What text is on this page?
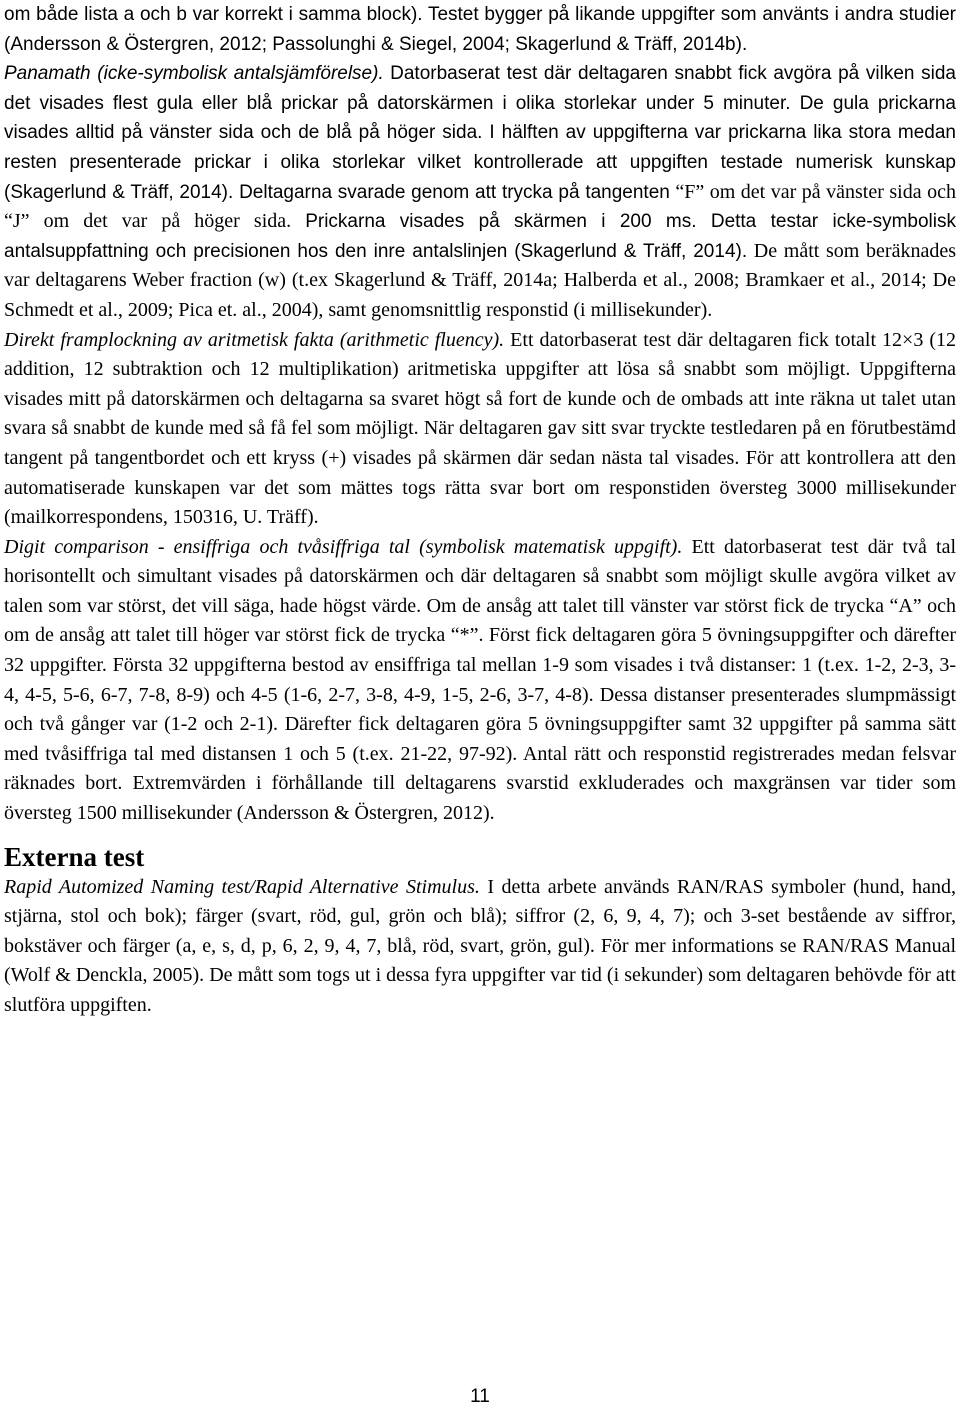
om både lista a och b var korrekt i samma block). Testet bygger på likande uppgifter som använts i andra studier (Andersson & Östergren, 2012; Passolunghi & Siegel, 2004; Skagerlund & Träff, 2014b).

Panamath (icke-symbolisk antalsjämförelse). Datorbaserat test där deltagaren snabbt fick avgöra på vilken sida det visades flest gula eller blå prickar på datorskärmen i olika storlekar under 5 minuter. De gula prickarna visades alltid på vänster sida och de blå på höger sida. I hälften av uppgifterna var prickarna lika stora medan resten presenterade prickar i olika storlekar vilket kontrollerade att uppgiften testade numerisk kunskap (Skagerlund & Träff, 2014). Deltagarna svarade genom att trycka på tangenten “F” om det var på vänster sida och “J” om det var på höger sida. Prickarna visades på skärmen i 200 ms. Detta testar icke-symbolisk antalsuppfattning och precisionen hos den inre antalslinjen (Skagerlund & Träff, 2014). De mått som beräknades var deltagarens Weber fraction (w) (t.ex Skagerlund & Träff, 2014a; Halberda et al., 2008; Bramkaer et al., 2014; De Schmedt et al., 2009; Pica et. al., 2004), samt genomsnittlig responstid (i millisekunder).

Direkt framplockning av aritmetisk fakta (arithmetic fluency). Ett datorbaserat test där deltagaren fick totalt 12×3 (12 addition, 12 subtraktion och 12 multiplikation) aritmetiska uppgifter att lösa så snabbt som möjligt. Uppgifterna visades mitt på datorskärmen och deltagarna sa svaret högt så fort de kunde och de ombads att inte räkna ut talet utan svara så snabbt de kunde med så få fel som möjligt. När deltagaren gav sitt svar tryckte testledaren på en förutbestämd tangent på tangentbordet och ett kryss (+) visades på skärmen där sedan nästa tal visades. För att kontrollera att den automatiserade kunskapen var det som mättes togs rätta svar bort om responstiden översteg 3000 millisekunder (mailkorrespondens, 150316, U. Träff).

Digit comparison - ensiffriga och tvåsiffriga tal (symbolisk matematisk uppgift). Ett datorbaserat test där två tal horisontellt och simultant visades på datorskärmen och där deltagaren så snabbt som möjligt skulle avgöra vilket av talen som var störst, det vill säga, hade högst värde. Om de ansåg att talet till vänster var störst fick de trycka “A” och om de ansåg att talet till höger var störst fick de trycka “*”. Först fick deltagaren göra 5 övningsuppgifter och därefter 32 uppgifter. Första 32 uppgifterna bestod av ensiffriga tal mellan 1-9 som visades i två distanser: 1 (t.ex. 1-2, 2-3, 3-4, 4-5, 5-6, 6-7, 7-8, 8-9) och 4-5 (1-6, 2-7, 3-8, 4-9, 1-5, 2-6, 3-7, 4-8). Dessa distanser presenterades slumpmässigt och två gånger var (1-2 och 2-1). Därefter fick deltagaren göra 5 övningsuppgifter samt 32 uppgifter på samma sätt med tvåsiffriga tal med distansen 1 och 5 (t.ex. 21-22, 97-92). Antal rätt och responstid registrerades medan felsvar räknades bort. Extremvärden i förhållande till deltagarens svarstid exkluderades och maxgränsen var tider som översteg 1500 millisekunder (Andersson & Östergren, 2012).

Externa test

Rapid Automized Naming test/Rapid Alternative Stimulus. I detta arbete används RAN/RAS symboler (hund, hand, stjärna, stol och bok); färger (svart, röd, gul, grön och blå); siffror (2, 6, 9, 4, 7); och 3-set bestående av siffror, bokstäver och färger (a, e, s, d, p, 6, 2, 9, 4, 7, blå, röd, svart, grön, gul). För mer informations se RAN/RAS Manual (Wolf & Denckla, 2005). De mått som togs ut i dessa fyra uppgifter var tid (i sekunder) som deltagaren behövde för att slutföra uppgiften.

11
